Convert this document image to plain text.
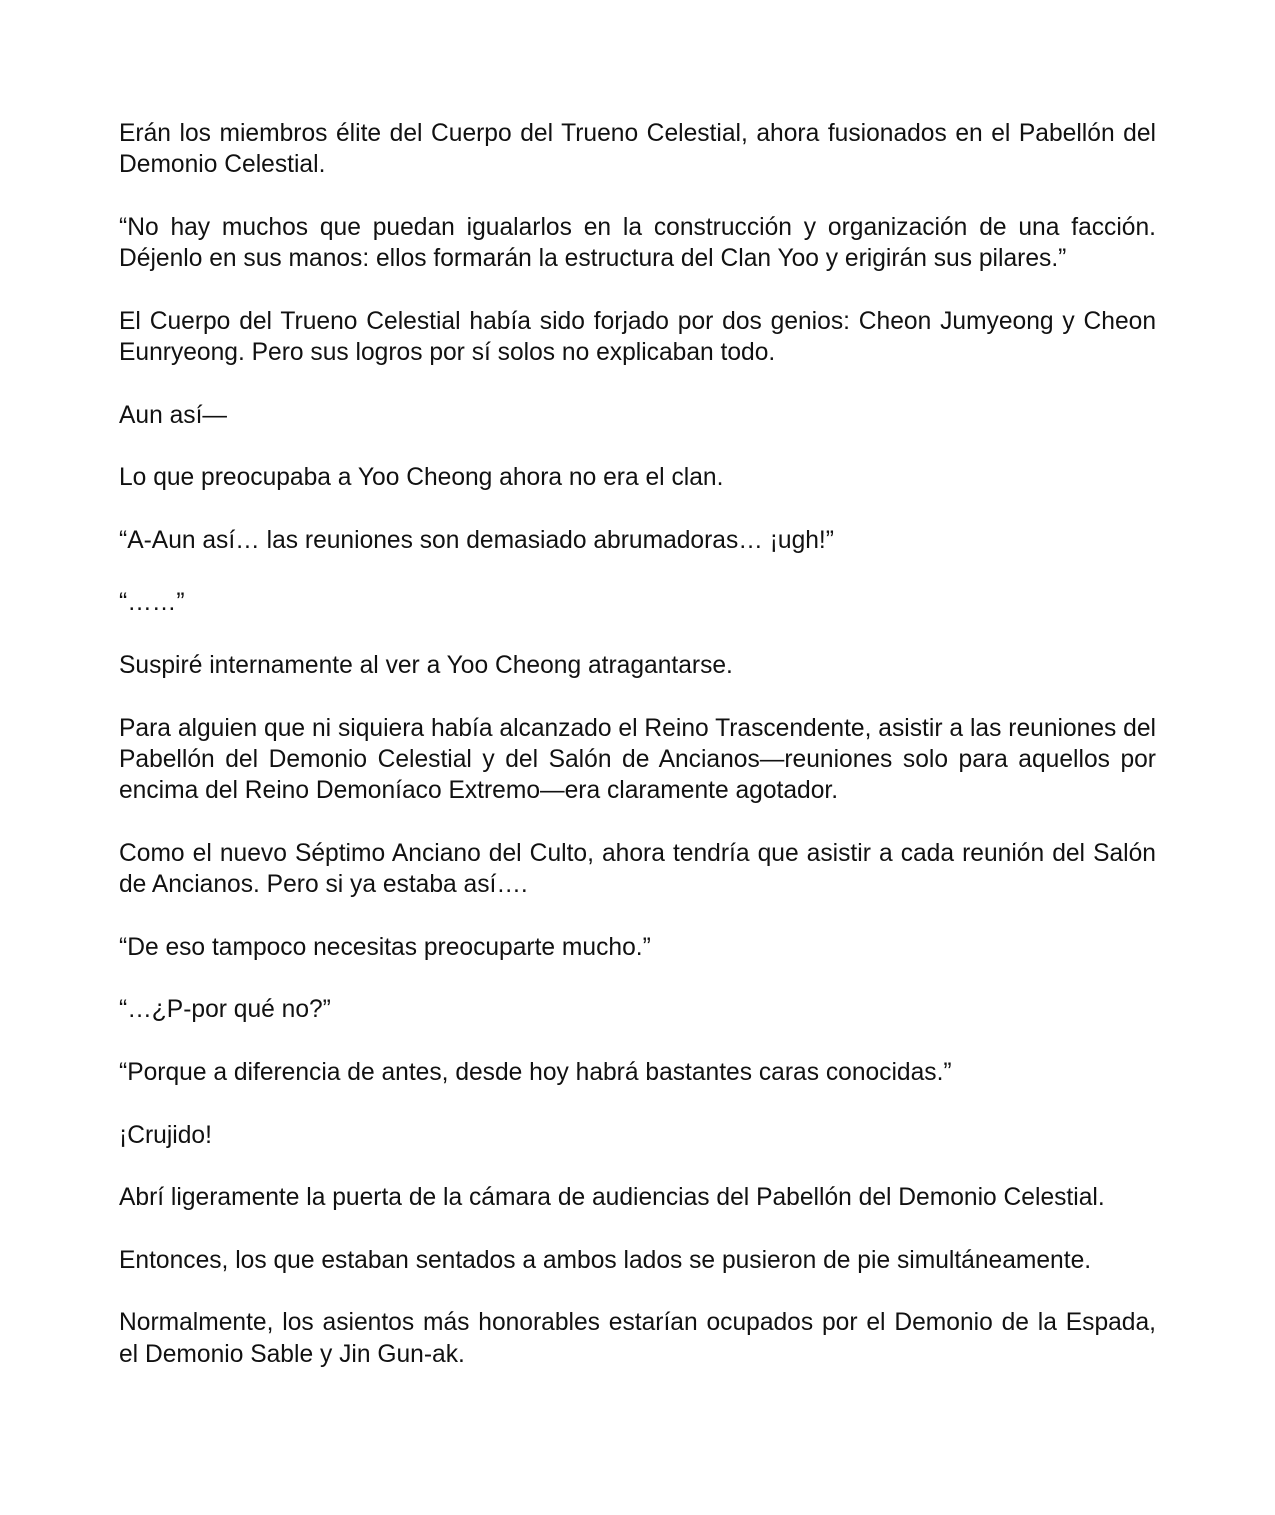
Erán los miembros élite del Cuerpo del Trueno Celestial, ahora fusionados en el Pabellón del Demonio Celestial.

“No hay muchos que puedan igualarlos en la construcción y organización de una facción. Déjenlo en sus manos: ellos formarán la estructura del Clan Yoo y erigirán sus pilares.”

El Cuerpo del Trueno Celestial había sido forjado por dos genios: Cheon Jumyeong y Cheon Eunryeong. Pero sus logros por sí solos no explicaban todo.

Aun así—

Lo que preocupaba a Yoo Cheong ahora no era el clan.

“A-Aun así… las reuniones son demasiado abrumadoras… ¡ugh!”

“……”

Suspiré internamente al ver a Yoo Cheong atragantarse.

Para alguien que ni siquiera había alcanzado el Reino Trascendente, asistir a las reuniones del Pabellón del Demonio Celestial y del Salón de Ancianos—reuniones solo para aquellos por encima del Reino Demoníaco Extremo—era claramente agotador.

Como el nuevo Séptimo Anciano del Culto, ahora tendría que asistir a cada reunión del Salón de Ancianos. Pero si ya estaba así….

“De eso tampoco necesitas preocuparte mucho.”

“…¿P-por qué no?”

“Porque a diferencia de antes, desde hoy habrá bastantes caras conocidas.”

¡Crujido!

Abrí ligeramente la puerta de la cámara de audiencias del Pabellón del Demonio Celestial.

Entonces, los que estaban sentados a ambos lados se pusieron de pie simultáneamente.

Normalmente, los asientos más honorables estarían ocupados por el Demonio de la Espada, el Demonio Sable y Jin Gun-ak.
